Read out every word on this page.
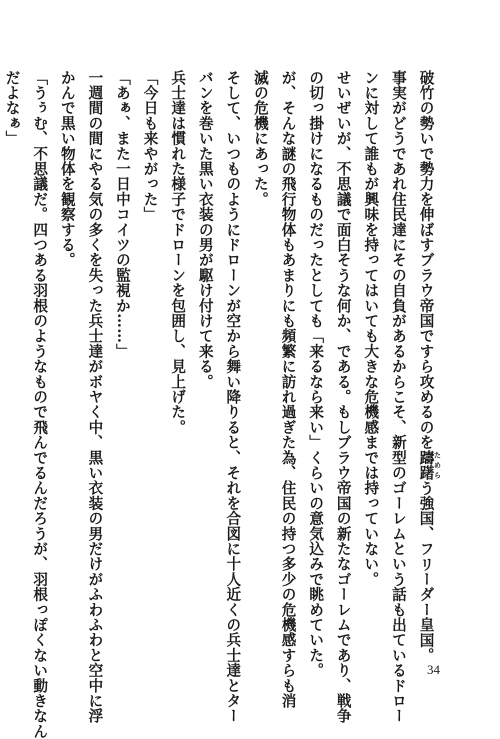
破竹の勢いで勢力を伸ばすブラウ帝国ですら攻めるのを躊躇 ためらう強国、フリーダー皇国。
事実がどうであれ住民達にその自負があるからこそ、新型のゴーレムという話も出ているドロー
ンに対して誰もが興味を持ってはいても大きな危機感までは持っていない。
せいぜいが、不思議で面白そうな何か、である。もしブラウ帝国の新たなゴーレムであり、戦争
の切っ掛けになるものだったとしても「来るなら来い」くらいの意気込みで眺めていた。
が、そんな謎の飛行物体もあまりにも頻繁に訪れ過ぎた為、住民の持つ多少の危機感すらも消
滅の危機にあった。
そして、いつものようにドローンが空から舞い降りると、それを合図に十人近くの兵士達とター
バンを巻いた黒い衣装の男が駆け付けて来る。
兵士達は慣れた様子でドローンを包囲し、見上げた。
「今日も来やがった」
「あぁ、また一日中コイツの監視か……」
一週間の間にやる気の多くを失った兵士達がボヤく中、黒い衣装の男だけがふわふわと空中に浮
かんで黒い物体を観察する。
「うぅむ、不思議だ。四つある羽根のようなもので飛んでるんだろうが、羽根っぽくない動きなん
だよなぁ」
34
